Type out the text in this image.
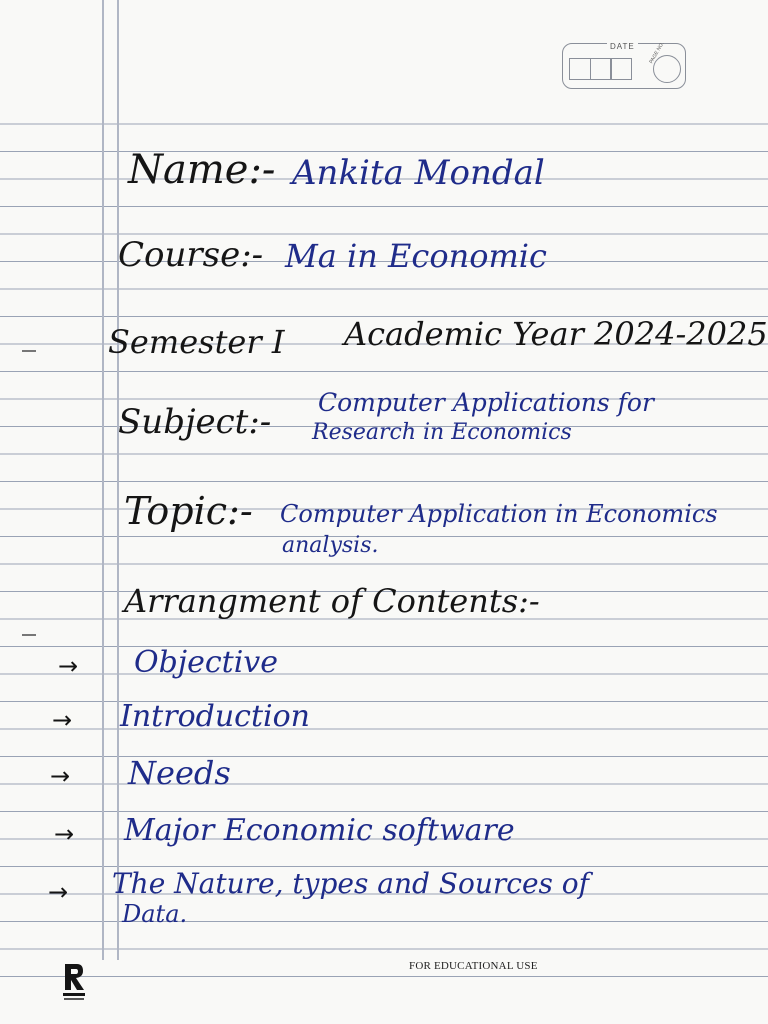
DATE	PAGE NO.
Name:- Ankita Mondal
Course:- Ma in Economic
Semester I Academic Year 2024-2025
Subject:- Computer Applications for
Research in Economics
Topic:- Computer Application in Economics
analysis.
Arrangment of Contents:-
→ Objective
→ Introduction
→ Needs
→ Major Economic software
→ The Nature, types and Sources of
Data.
FOR EDUCATIONAL USE
